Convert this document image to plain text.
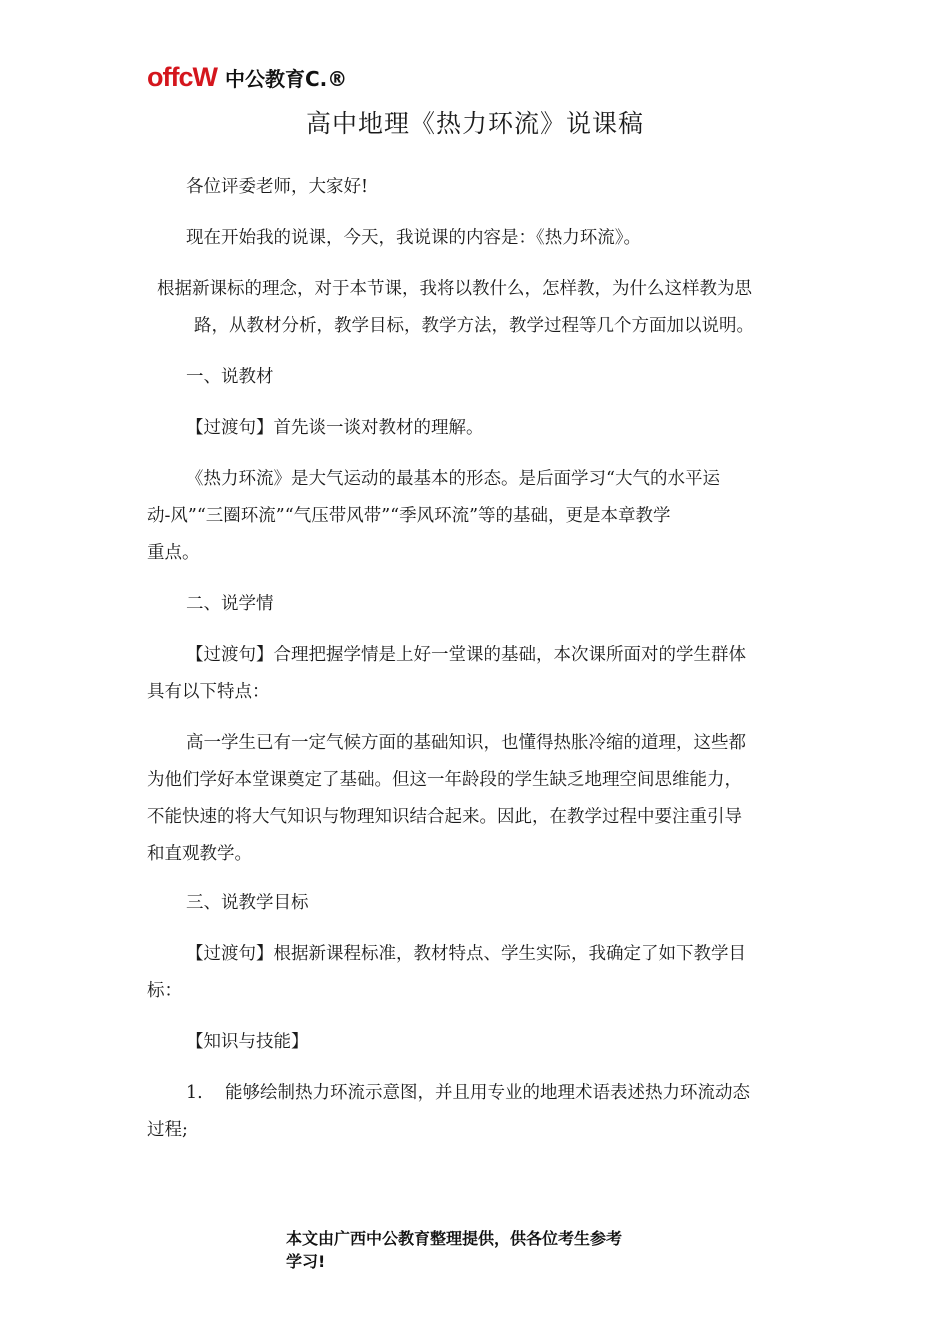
offcW 中公教育C.®
高中地理《热力环流》说课稿
各位评委老师，大家好!
现在开始我的说课，今天，我说课的内容是：《热力环流》。
根据新课标的理念，对于本节课，我将以教什么，怎样教，为什么这样教为思
路，从教材分析，教学目标，教学方法，教学过程等几个方面加以说明。
一、说教材
【过渡句】首先谈一谈对教材的理解。
《热力环流》是大气运动的最基本的形态。是后面学习“大气的水平运
动-风”“三圈环流”“气压带风带”“季风环流”等的基础，更是本章教学
重点。
二、说学情
【过渡句】合理把握学情是上好一堂课的基础，本次课所面对的学生群体
具有以下特点：
高一学生已有一定气候方面的基础知识，也懂得热胀冷缩的道理，这些都
为他们学好本堂课奠定了基础。但这一年龄段的学生缺乏地理空间思维能力，
不能快速的将大气知识与物理知识结合起来。因此，在教学过程中要注重引导
和直观教学。
三、说教学目标
【过渡句】根据新课程标准，教材特点、学生实际，我确定了如下教学目
标：
【知识与技能】
1.    能够绘制热力环流示意图，并且用专业的地理术语表述热力环流动态
过程;
本文由广西中公教育整理提供，供各位考生参考
学习!
